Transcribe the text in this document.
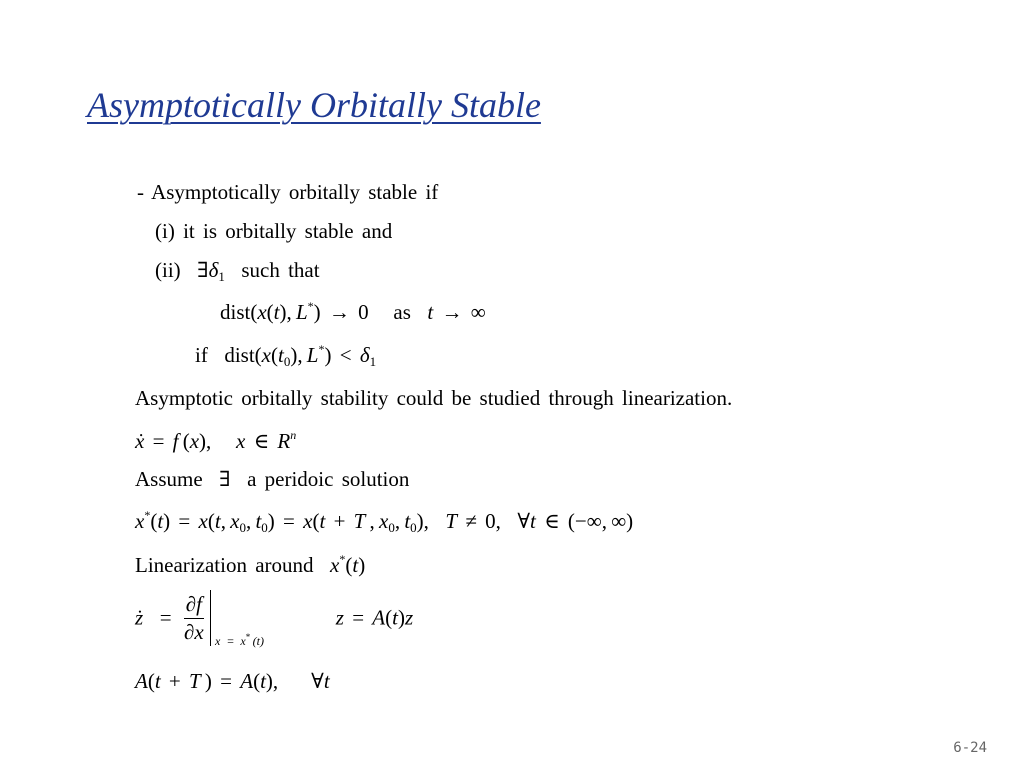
Asymptotically Orbitally Stable
- Asymptotically orbitally stable if
(i) it is orbitally stable and
(ii)  $\exists\delta_1$ such that
dist(x(t), L*) → 0   as t → ∞
if $dist(x(t_0)$, $L^*) < \delta_1$
Asymptotic orbitally stability could be studied through linearization.
ẋ = f (x),   x ∈ $R^n$
Assume  ∃  a peridoic solution
x*(t) = x(t, $x_0$, $t_0) = x(t + T$ , $x_0$, $t_0$),  T ≠ 0,  ∀t ∈ (−∞, ∞)
Linearization around x*(t)
ż  = $\frac{\partial f}{\partial x}$ x = x* (t)
z = A(t)z
A(t + T ) = A(t),    ∀t
6-24
